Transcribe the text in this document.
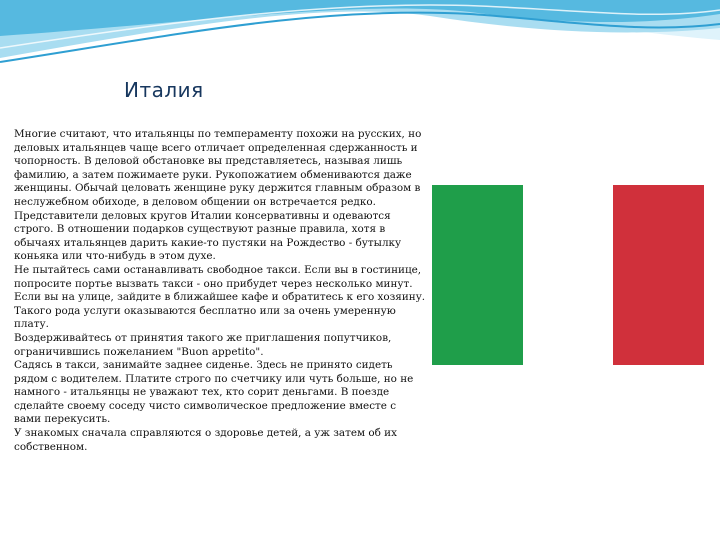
Италия

Многие считают, что итальянцы по темпераменту похожи на русских, но деловых итальянцев чаще всего отличает определенная сдержанность и чопорность. В деловой обстановке вы представляетесь, называя лишь фамилию, а затем пожимаете руки. Рукопожатием обмениваются даже женщины. Обычай целовать женщине руку держится главным образом в неслужебном обиходе, в деловом общении он встречается редко. Представители деловых кругов Италии консервативны и одеваются строго. В отношении подарков существуют разные правила, хотя в обычаях итальянцев дарить какие-то пустяки на Рождество - бутылку коньяка или что-нибудь в этом духе.

Не пытайтесь сами останавливать свободное такси. Если вы в гостинице, попросите портье вызвать такси - оно прибудет через несколько минут. Если вы на улице, зайдите в ближайшее кафе и обратитесь к его хозяину. Такого рода услуги оказываются бесплатно или за очень умеренную плату.

Воздерживайтесь от принятия такого же приглашения попутчиков, ограничившись пожеланием "Buon appetito".

Садясь в такси, занимайте заднее сиденье. Здесь не принято сидеть рядом с водителем. Платите строго по счетчику или чуть больше, но не намного - итальянцы не уважают тех, кто сорит деньгами. В поезде сделайте своему соседу чисто символическое предложение вместе с вами перекусить.

У знакомых сначала справляются о здоровье детей, а уж затем об их собственном.
